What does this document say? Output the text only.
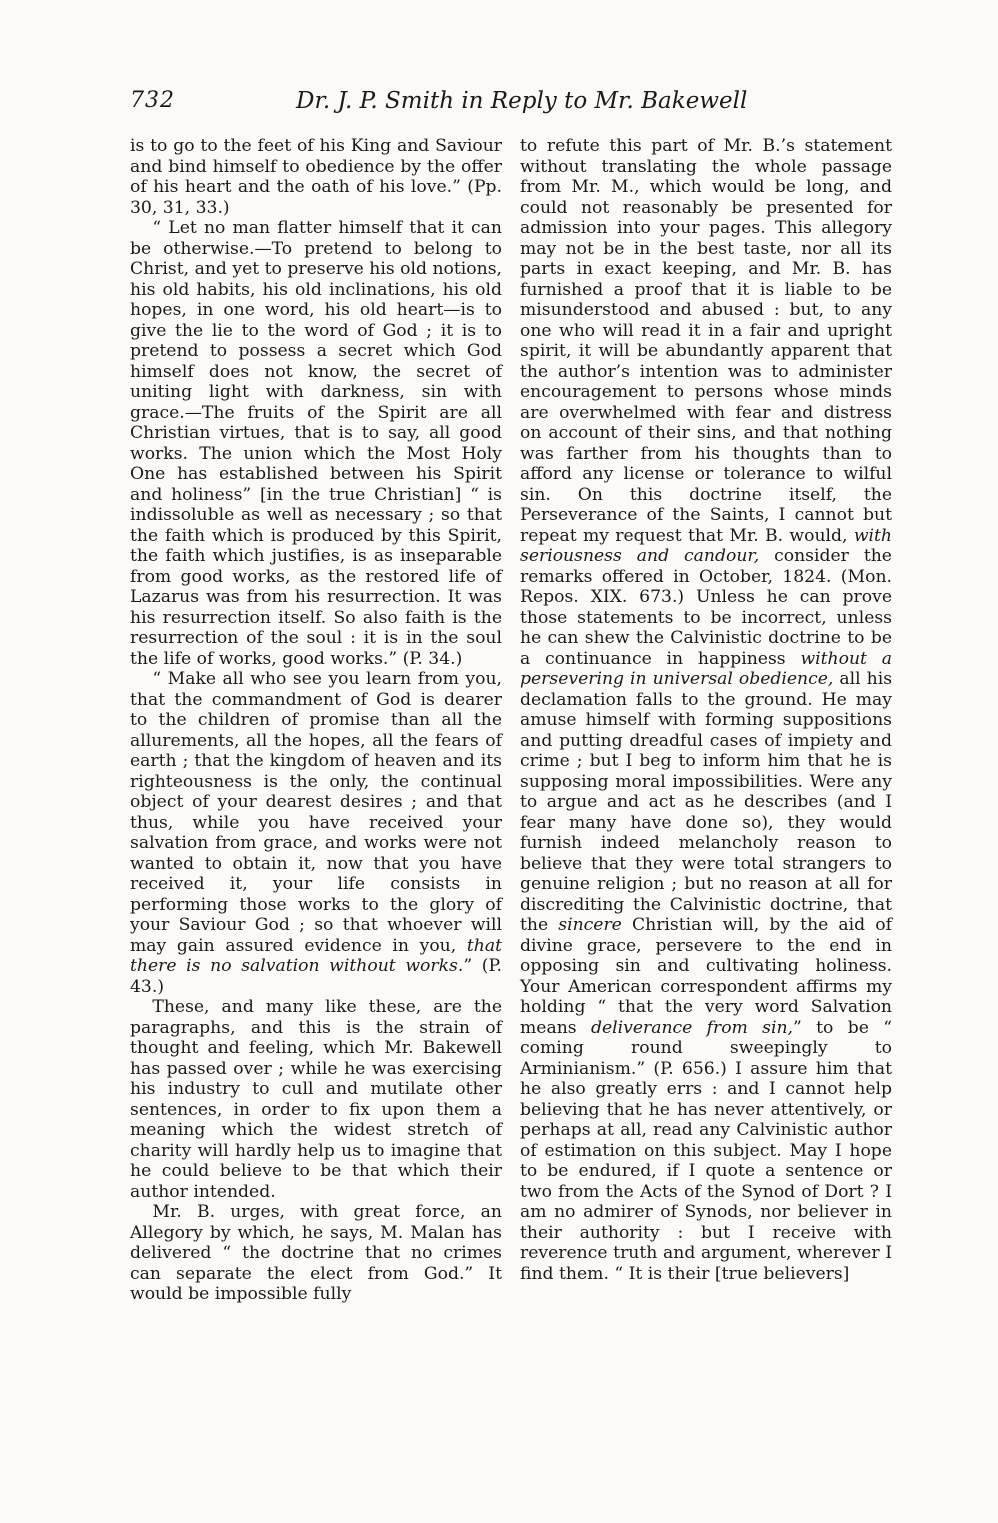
732	Dr. J. P. Smith in Reply to Mr. Bakewell

is to go to the feet of his King and Saviour and bind himself to obedience by the offer of his heart and the oath of his love.” (Pp. 30, 31, 33.)

“ Let no man flatter himself that it can be otherwise.—To pretend to belong to Christ, and yet to preserve his old notions, his old habits, his old inclinations, his old hopes, in one word, his old heart—is to give the lie to the word of God ; it is to pretend to possess a secret which God himself does not know, the secret of uniting light with darkness, sin with grace.—The fruits of the Spirit are all Christian virtues, that is to say, all good works. The union which the Most Holy One has established between his Spirit and holiness” [in the true Christian] “ is indissoluble as well as necessary ; so that the faith which is produced by this Spirit, the faith which justifies, is as inseparable from good works, as the restored life of Lazarus was from his resurrection. It was his resurrection itself. So also faith is the resurrection of the soul : it is in the soul the life of works, good works.” (P. 34.)

“ Make all who see you learn from you, that the commandment of God is dearer to the children of promise than all the allurements, all the hopes, all the fears of earth ; that the kingdom of heaven and its righteousness is the only, the continual object of your dearest desires ; and that thus, while you have received your salvation from grace, and works were not wanted to obtain it, now that you have received it, your life consists in performing those works to the glory of your Saviour God ; so that whoever will may gain assured evidence in you, that there is no salvation without works.” (P. 43.)

These, and many like these, are the paragraphs, and this is the strain of thought and feeling, which Mr. Bakewell has passed over ; while he was exercising his industry to cull and mutilate other sentences, in order to fix upon them a meaning which the widest stretch of charity will hardly help us to imagine that he could believe to be that which their author intended.

Mr. B. urges, with great force, an Allegory by which, he says, M. Malan has delivered “ the doctrine that no crimes can separate the elect from God.” It would be impossible fully

to refute this part of Mr. B.’s statement without translating the whole passage from Mr. M., which would be long, and could not reasonably be presented for admission into your pages. This allegory may not be in the best taste, nor all its parts in exact keeping, and Mr. B. has furnished a proof that it is liable to be misunderstood and abused : but, to any one who will read it in a fair and upright spirit, it will be abundantly apparent that the author’s intention was to administer encouragement to persons whose minds are overwhelmed with fear and distress on account of their sins, and that nothing was farther from his thoughts than to afford any license or tolerance to wilful sin. On this doctrine itself, the Perseverance of the Saints, I cannot but repeat my request that Mr. B. would, with seriousness and candour, consider the remarks offered in October, 1824. (Mon. Repos. XIX. 673.) Unless he can prove those statements to be incorrect, unless he can shew the Calvinistic doctrine to be a continuance in happiness without a persevering in universal obedience, all his declamation falls to the ground. He may amuse himself with forming suppositions and putting dreadful cases of impiety and crime ; but I beg to inform him that he is supposing moral impossibilities. Were any to argue and act as he describes (and I fear many have done so), they would furnish indeed melancholy reason to believe that they were total strangers to genuine religion ; but no reason at all for discrediting the Calvinistic doctrine, that the sincere Christian will, by the aid of divine grace, persevere to the end in opposing sin and cultivating holiness. Your American correspondent affirms my holding “ that the very word Salvation means deliverance from sin,” to be “ coming round sweepingly to Arminianism.” (P. 656.) I assure him that he also greatly errs : and I cannot help believing that he has never attentively, or perhaps at all, read any Calvinistic author of estimation on this subject. May I hope to be endured, if I quote a sentence or two from the Acts of the Synod of Dort ? I am no admirer of Synods, nor believer in their authority : but I receive with reverence truth and argument, wherever I find them. “ It is their [true believers]
